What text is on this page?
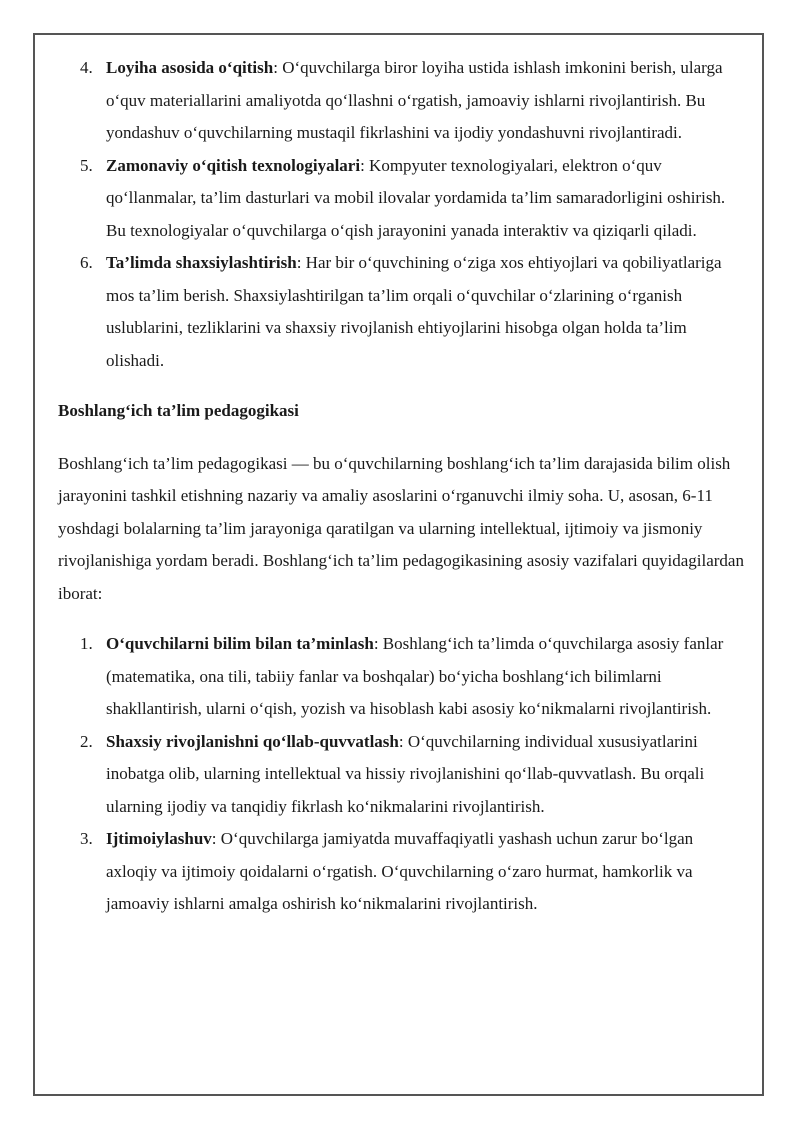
4. Loyiha asosida o‘qitish: O‘quvchilarga biror loyiha ustida ishlash imkonini berish, ularga o‘quv materiallarini amaliyotda qo‘llashni o‘rgatish, jamoaviy ishlarni rivojlantirish. Bu yondashuv o‘quvchilarning mustaqil fikrlashini va ijodiy yondashuvni rivojlantiradi.
5. Zamonaviy o‘qitish texnologiyalari: Kompyuter texnologiyalari, elektron o‘quv qo‘llanmalar, ta’lim dasturlari va mobil ilovalar yordamida ta’lim samaradorligini oshirish. Bu texnologiyalar o‘quvchilarga o‘qish jarayonini yanada interaktiv va qiziqarli qiladi.
6. Ta’limda shaxsiylashtirish: Har bir o‘quvchining o‘ziga xos ehtiyojlari va qobiliyatlariga mos ta’lim berish. Shaxsiylashtirilgan ta’lim orqali o‘quvchilar o‘zlarining o‘rganish uslublarini, tezliklarini va shaxsiy rivojlanish ehtiyojlarini hisobga olgan holda ta’lim olishadi.
Boshlang‘ich ta’lim pedagogikasi

Boshlang‘ich ta’lim pedagogikasi — bu o‘quvchilarning boshlang‘ich ta’lim darajasida bilim olish jarayonini tashkil etishning nazariy va amaliy asoslarini o‘rganuvchi ilmiy soha. U, asosan, 6-11 yoshdagi bolalarning ta’lim jarayoniga qaratilgan va ularning intellektual, ijtimoiy va jismoniy rivojlanishiga yordam beradi. Boshlang‘ich ta’lim pedagogikasining asosiy vazifalari quyidagilardan iborat:

1. O‘quvchilarni bilim bilan ta’minlash: Boshlang‘ich ta’limda o‘quvchilarga asosiy fanlar (matematika, ona tili, tabiiy fanlar va boshqalar) bo‘yicha boshlang‘ich bilimlarni shakllantirish, ularni o‘qish, yozish va hisoblash kabi asosiy ko‘nikmalarni rivojlantirish.
2. Shaxsiy rivojlanishni qo‘llab-quvvatlash: O‘quvchilarning individual xususiyatlarini inobatga olib, ularning intellektual va hissiy rivojlanishini qo‘llab-quvvatlash. Bu orqali ularning ijodiy va tanqidiy fikrlash ko‘nikmalarini rivojlantirish.
3. Ijtimoiylashuv: O‘quvchilarga jamiyatda muvaffaqiyatli yashash uchun zarur bo‘lgan axloqiy va ijtimoiy qoidalarni o‘rgatish. O‘quvchilarning o‘zaro hurmat, hamkorlik va jamoaviy ishlarni amalga oshirish ko‘nikmalarini rivojlantirish.
